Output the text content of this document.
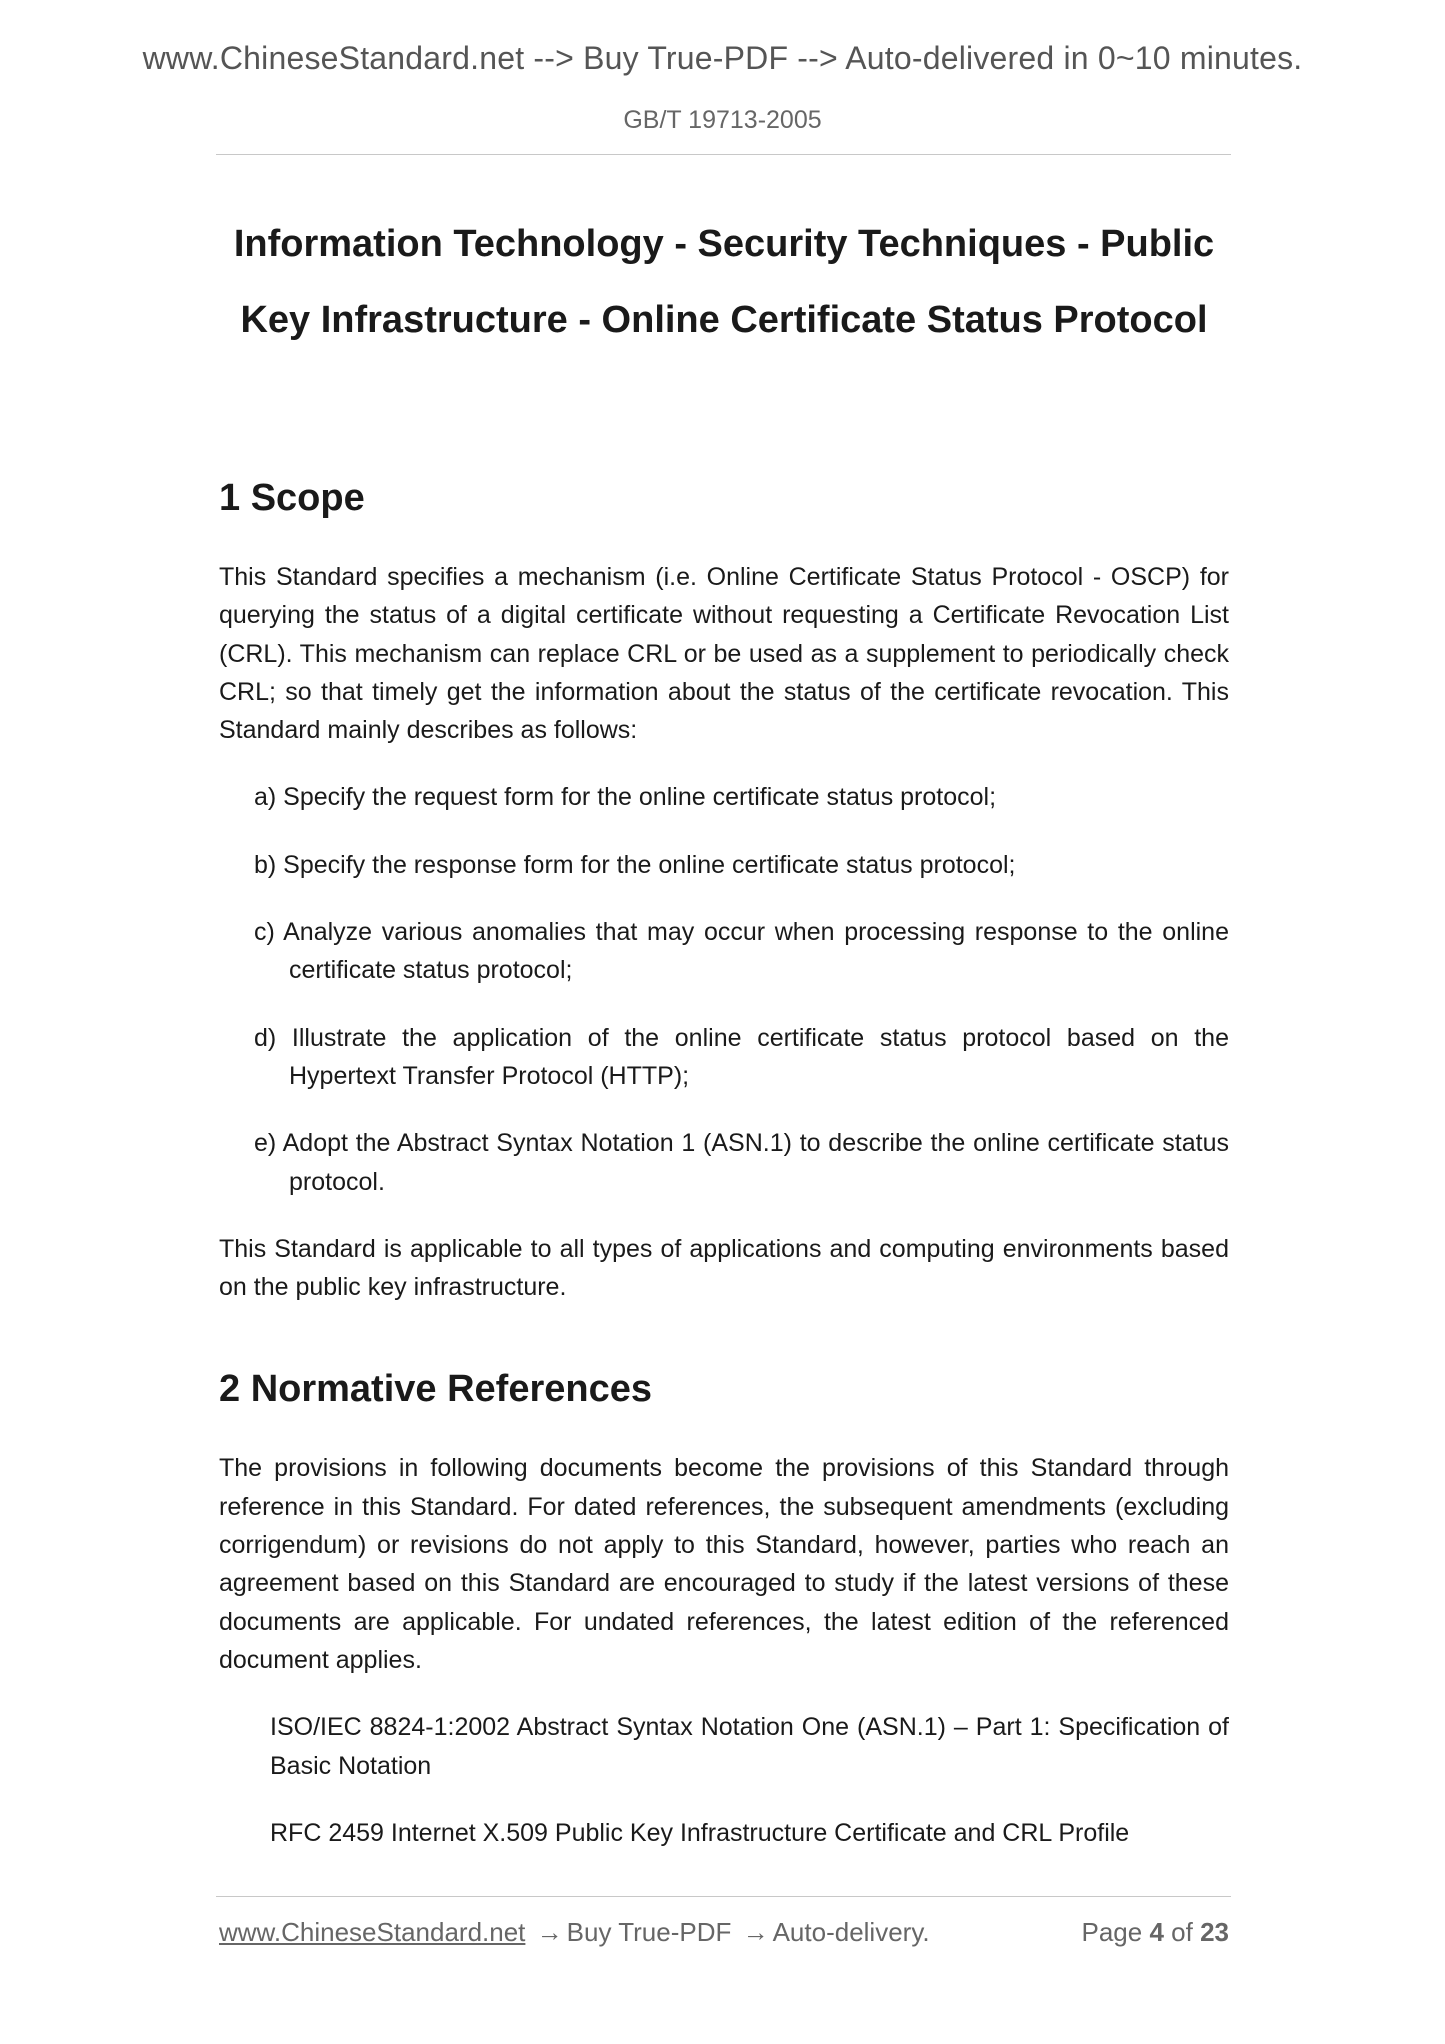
www.ChineseStandard.net --> Buy True-PDF --> Auto-delivered in 0~10 minutes.
GB/T 19713-2005
Information Technology - Security Techniques - Public
Key Infrastructure - Online Certificate Status Protocol
1 Scope

This Standard specifies a mechanism (i.e. Online Certificate Status Protocol - OSCP) for querying the status of a digital certificate without requesting a Certificate Revocation List (CRL). This mechanism can replace CRL or be used as a supplement to periodically check CRL; so that timely get the information about the status of the certificate revocation. This Standard mainly describes as follows:

a) Specify the request form for the online certificate status protocol;
b) Specify the response form for the online certificate status protocol;
c) Analyze various anomalies that may occur when processing response to the online certificate status protocol;
d) Illustrate the application of the online certificate status protocol based on the Hypertext Transfer Protocol (HTTP);
e) Adopt the Abstract Syntax Notation 1 (ASN.1) to describe the online certificate status protocol.

This Standard is applicable to all types of applications and computing environments based on the public key infrastructure.

2 Normative References

The provisions in following documents become the provisions of this Standard through reference in this Standard. For dated references, the subsequent amendments (excluding corrigendum) or revisions do not apply to this Standard, however, parties who reach an agreement based on this Standard are encouraged to study if the latest versions of these documents are applicable. For undated references, the latest edition of the referenced document applies.

ISO/IEC 8824-1:2002 Abstract Syntax Notation One (ASN.1) – Part 1: Specification of Basic Notation
RFC 2459 Internet X.509 Public Key Infrastructure Certificate and CRL Profile
www.ChineseStandard.net → Buy True-PDF → Auto-delivery.	Page 4 of 23
